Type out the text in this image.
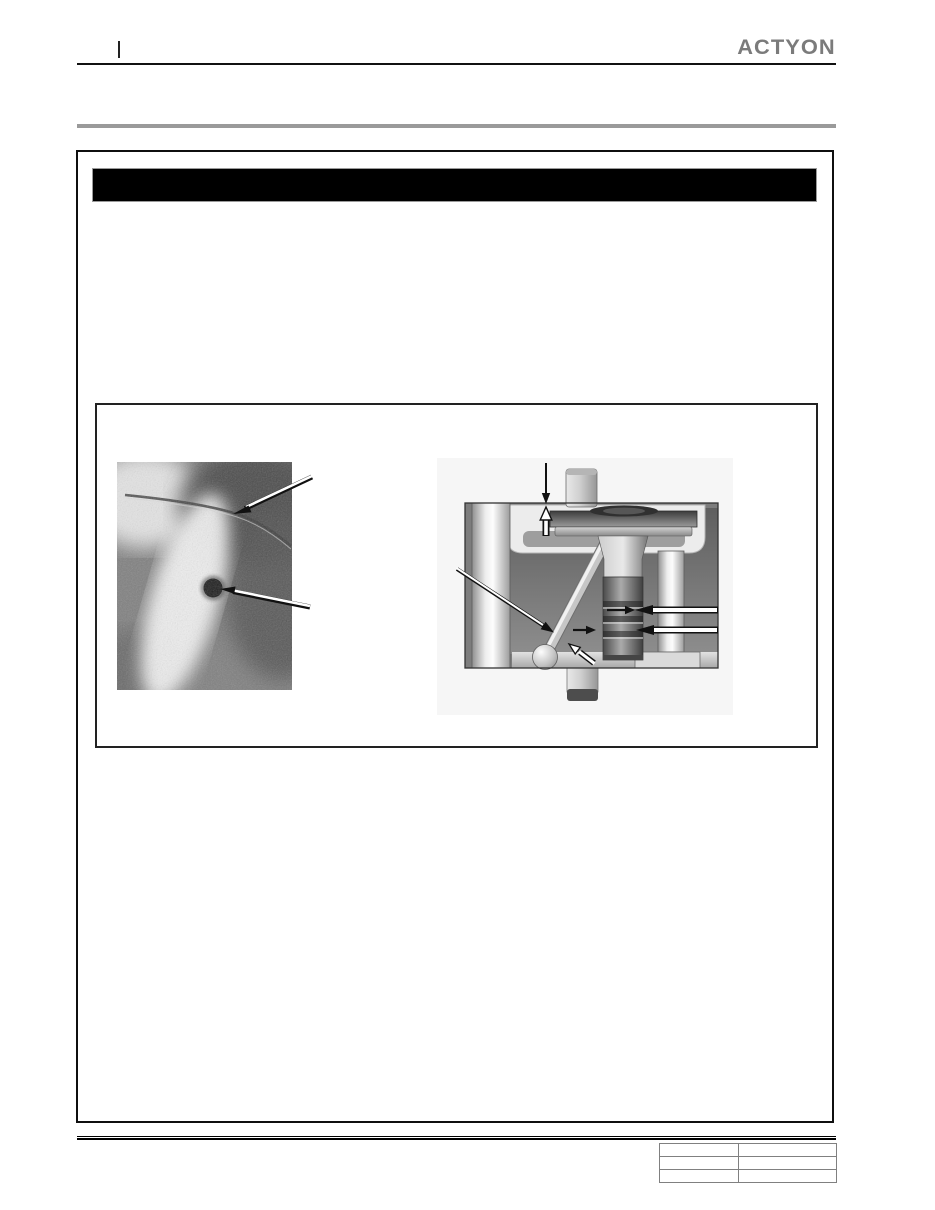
ACTYON
